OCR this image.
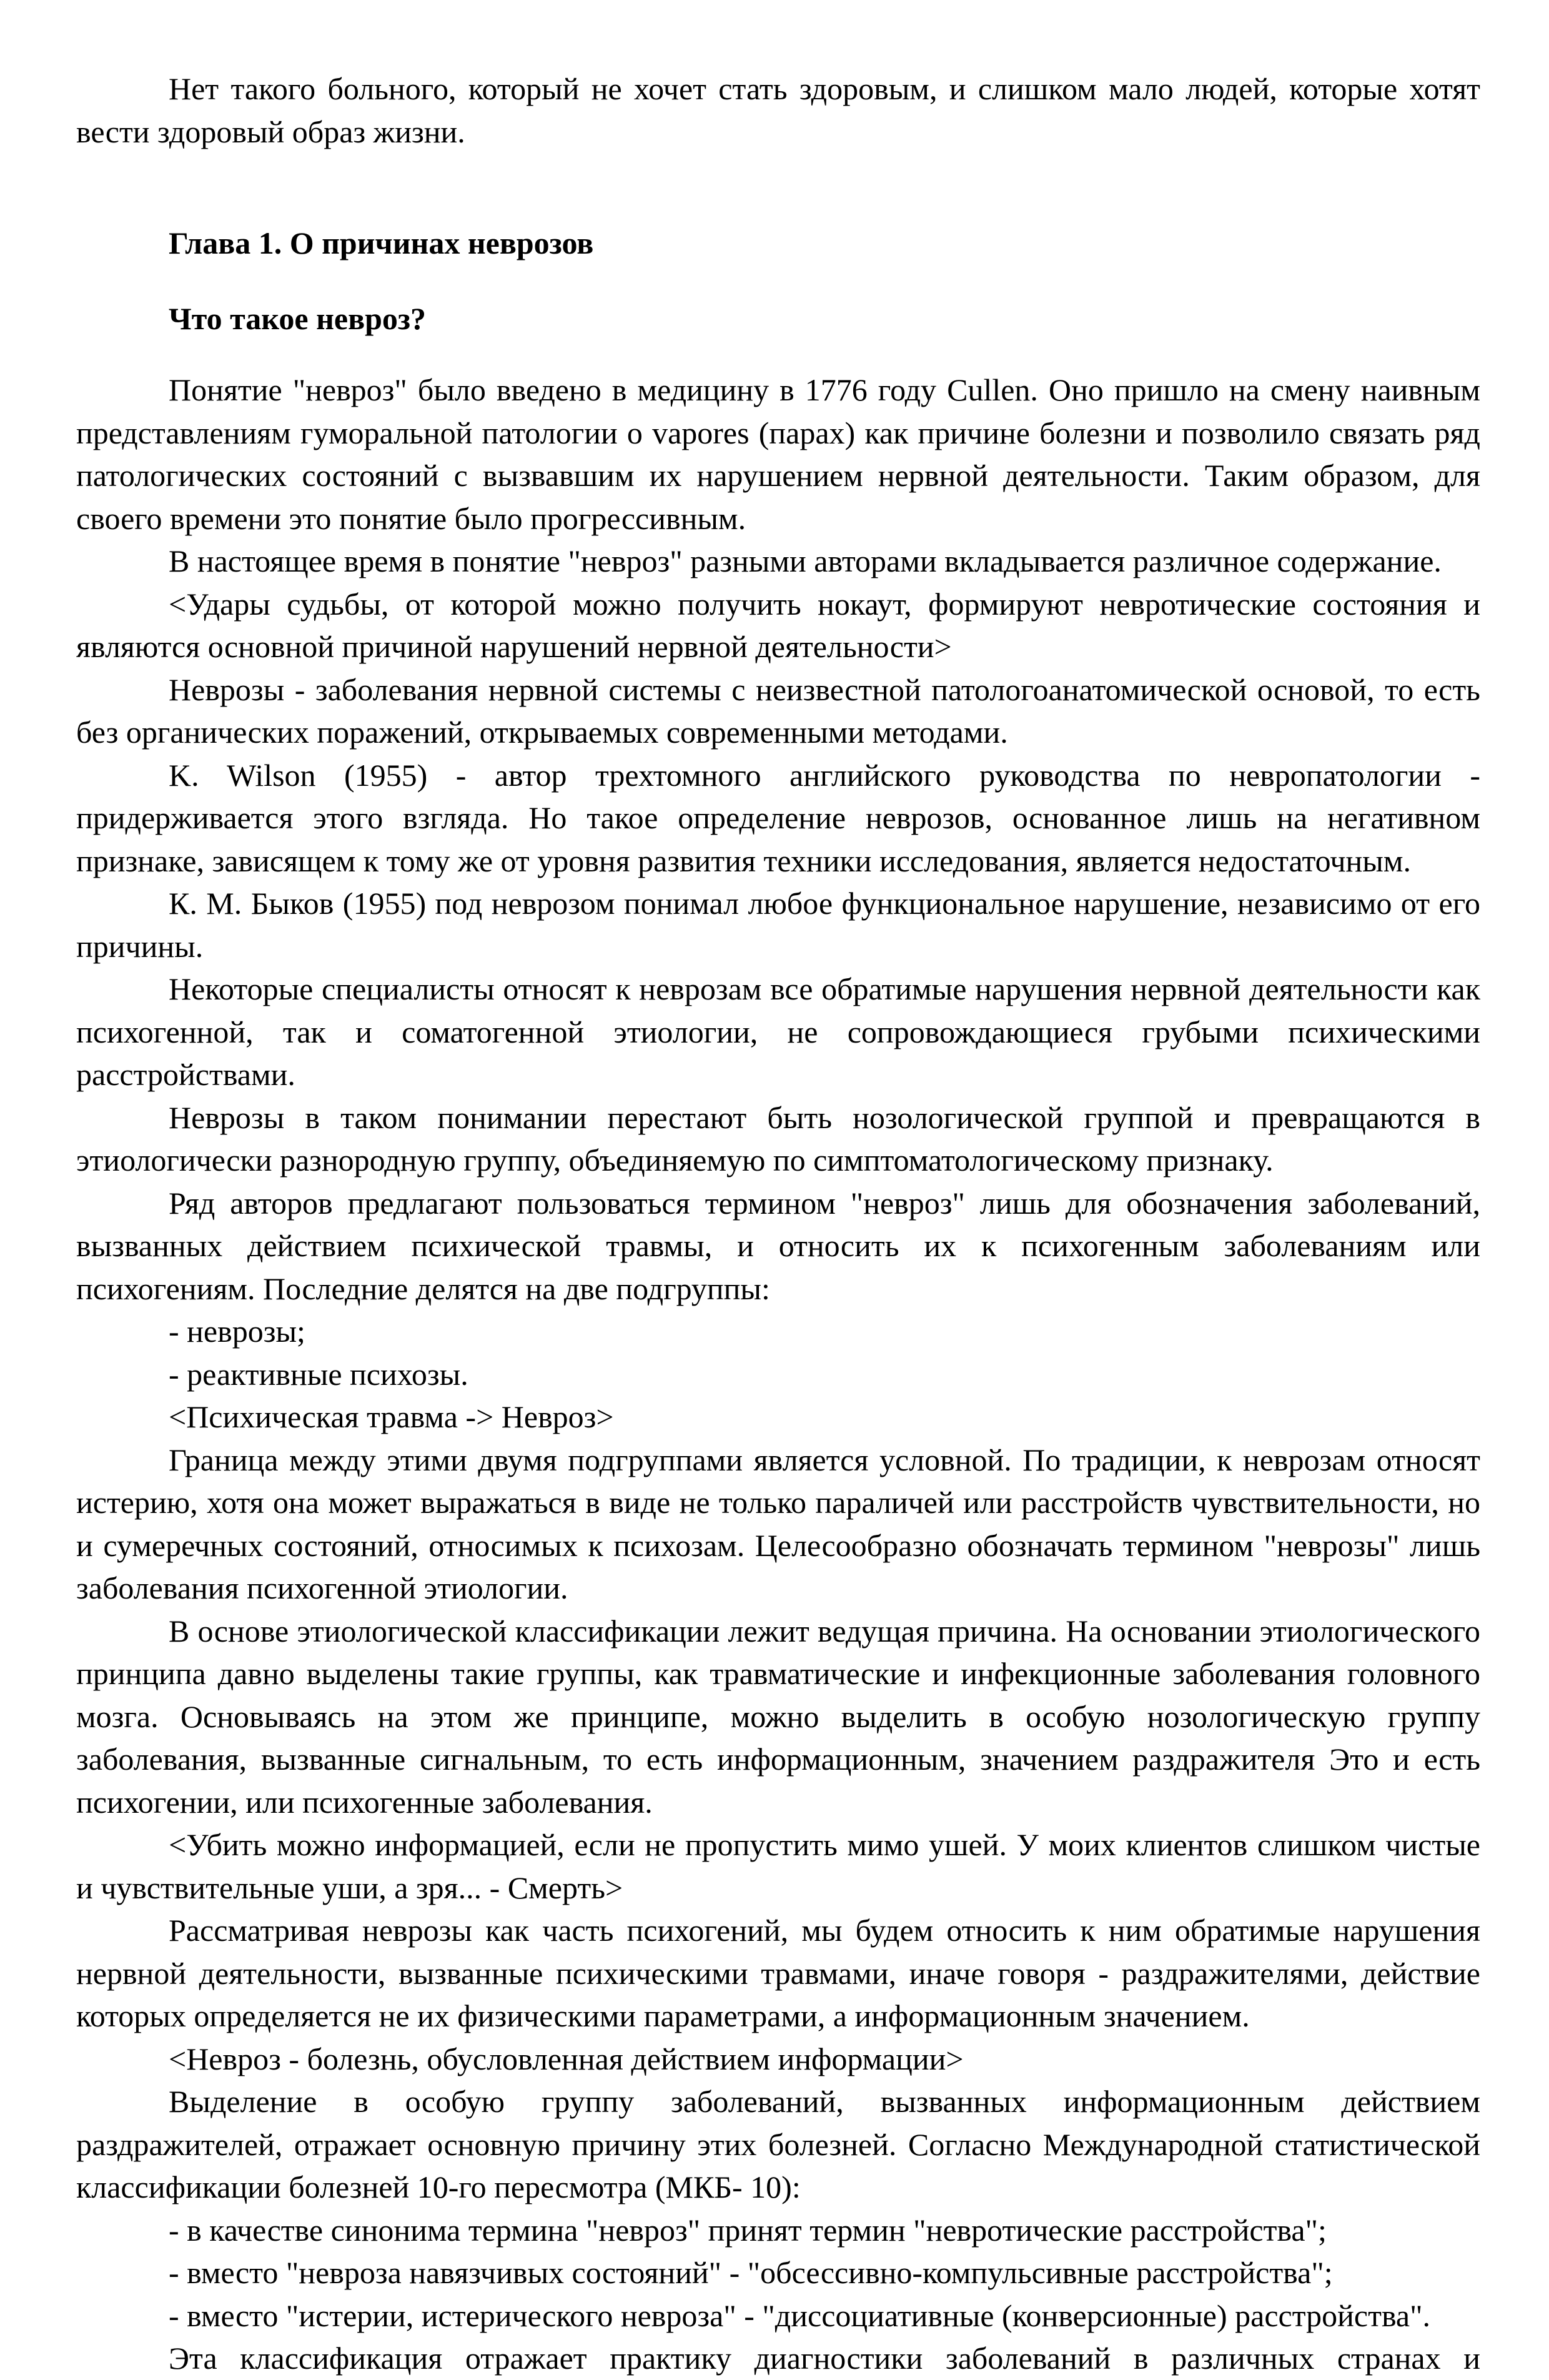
Нет такого больного, который не хочет стать здоровым, и слишком мало людей, которые хотят вести здоровый образ жизни.

Глава 1. О причинах неврозов

Что такое невроз?

Понятие "невроз" было введено в медицину в 1776 году Cullen. Оно пришло на смену наивным представлениям гуморальной патологии о vapores (парах) как причине болезни и позволило связать ряд патологических состояний с вызвавшим их нарушением нервной деятельности. Таким образом, для своего времени это понятие было прогрессивным.

В настоящее время в понятие "невроз" разными авторами вкладывается различное содержание.

<Удары судьбы, от которой можно получить нокаут, формируют невротические состояния и являются основной причиной нарушений нервной деятельности>

Неврозы - заболевания нервной системы с неизвестной патологоанатомической основой, то есть без органических поражений, открываемых современными методами.

K. Wilson (1955) - автор трехтомного английского руководства по невропатологии - придерживается этого взгляда. Но такое определение неврозов, основанное лишь на негативном признаке, зависящем к тому же от уровня развития техники исследования, является недостаточным.

К. М. Быков (1955) под неврозом понимал любое функциональное нарушение, независимо от его причины.

Некоторые специалисты относят к неврозам все обратимые нарушения нервной деятельности как психогенной, так и соматогенной этиологии, не сопровождающиеся грубыми психическими расстройствами.

Неврозы в таком понимании перестают быть нозологической группой и превращаются в этиологически разнородную группу, объединяемую по симптоматологическому признаку.

Ряд авторов предлагают пользоваться термином "невроз" лишь для обозначения заболеваний, вызванных действием психической травмы, и относить их к психогенным заболеваниям или психогениям. Последние делятся на две подгруппы:

- неврозы;

- реактивные психозы.

<Психическая травма -> Невроз>

Граница между этими двумя подгруппами является условной. По традиции, к неврозам относят истерию, хотя она может выражаться в виде не только параличей или расстройств чувствительности, но и сумеречных состояний, относимых к психозам. Целесообразно обозначать термином "неврозы" лишь заболевания психогенной этиологии.

В основе этиологической классификации лежит ведущая причина. На основании этиологического принципа давно выделены такие группы, как травматические и инфекционные заболевания головного мозга. Основываясь на этом же принципе, можно выделить в особую нозологическую группу заболевания, вызванные сигнальным, то есть информационным, значением раздражителя Это и есть психогении, или психогенные заболевания.

<Убить можно информацией, если не пропустить мимо ушей. У моих клиентов слишком чистые и чувствительные уши, а зря... - Смерть>

Рассматривая неврозы как часть психогений, мы будем относить к ним обратимые нарушения нервной деятельности, вызванные психическими травмами, иначе говоря - раздражителями, действие которых определяется не их физическими параметрами, а информационным значением.

<Невроз - болезнь, обусловленная действием информации>

Выделение в особую группу заболеваний, вызванных информационным действием раздражителей, отражает основную причину этих болезней. Согласно Международной статистической классификации болезней 10-го пересмотра (МКБ- 10):

- в качестве синонима термина "невроз" принят термин "невротические расстройства";

- вместо "невроза навязчивых состояний" - "обсессивно-компульсивные расстройства";

- вместо "истерии, истерического невроза" - "диссоциативные (конверсионные) расстройства".

Эта классификация отражает практику диагностики заболеваний в различных странах и
